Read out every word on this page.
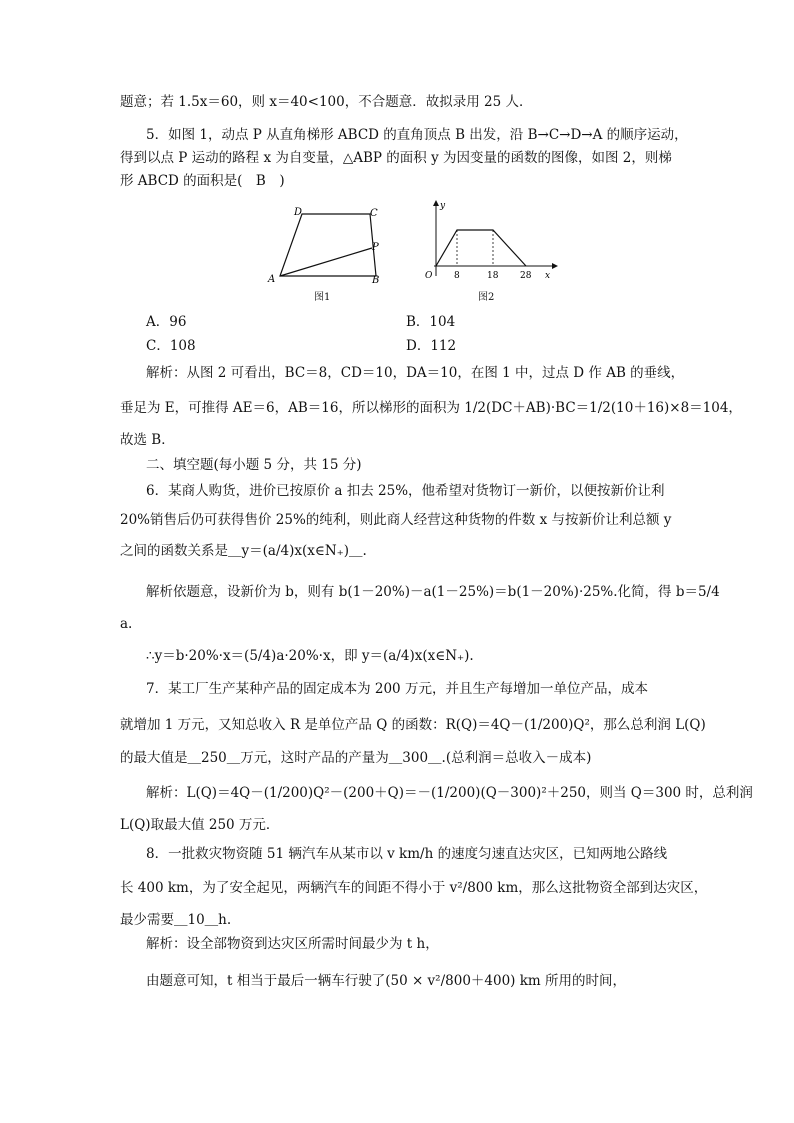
题意；若 1.5x＝60，则 x＝40<100，不合题意．故拟录用 25 人．
5．如图 1，动点 P 从直角梯形 ABCD 的直角顶点 B 出发，沿 B→C→D→A 的顺序运动，
得到以点 P 运动的路程 x 为自变量，△ABP 的面积 y 为因变量的函数的图像，如图 2，则梯
形 ABCD 的面积是(　B　)
A	B
C
D
P
图1
y
x
O 8	18 28
图2
A．96	B．104
C．108	D．112
解析：从图 2 可看出，BC＝8，CD＝10，DA＝10，在图 1 中，过点 D 作 AB 的垂线，
垂足为 E，可推得 AE＝6，AB＝16，所以梯形的面积为 1/2(DC＋AB)·BC＝1/2(10＋16)×8＝104，
故选 B．
二、填空题(每小题 5 分，共 15 分)
6．某商人购货，进价已按原价 a 扣去 25%，他希望对货物订一新价，以便按新价让利
20%销售后仍可获得售价 25%的纯利，则此商人经营这种货物的件数 x 与按新价让利总额 y
之间的函数关系是＿y＝(a/4)x(x∈N₊)＿.
解析依题意，设新价为 b，则有 b(1－20%)－a(1－25%)＝b(1－20%)·25%.化简，得 b＝5/4
a.
∴y＝b·20%·x＝(5/4)a·20%·x，即 y＝(a/4)x(x∈N₊).
7．某工厂生产某种产品的固定成本为 200 万元，并且生产每增加一单位产品，成本
就增加 1 万元，又知总收入 R 是单位产品 Q 的函数：R(Q)＝4Q－(1/200)Q²，那么总利润 L(Q)
的最大值是＿250＿万元，这时产品的产量为＿300＿.(总利润＝总收入－成本)
解析：L(Q)＝4Q－(1/200)Q²－(200＋Q)＝－(1/200)(Q－300)²＋250，则当 Q＝300 时，总利润
L(Q)取最大值 250 万元．
8．一批救灾物资随 51 辆汽车从某市以 v km/h 的速度匀速直达灾区，已知两地公路线
长 400 km，为了安全起见，两辆汽车的间距不得小于 v²/800 km，那么这批物资全部到达灾区，
最少需要＿10＿h.
解析：设全部物资到达灾区所需时间最少为 t h，
由题意可知，t 相当于最后一辆车行驶了(50 × v²/800＋400) km 所用的时间，
